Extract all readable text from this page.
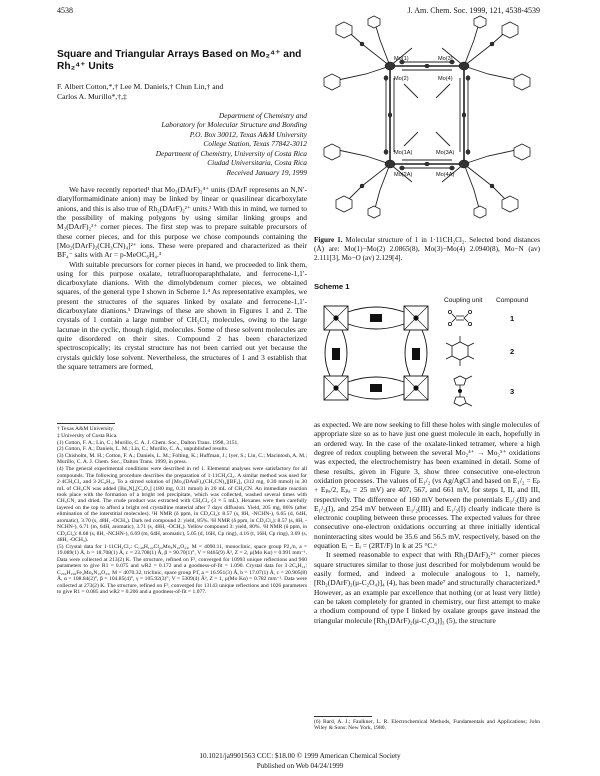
4538	J. Am. Chem. Soc. 1999, 121, 4538-4539
Square and Triangular Arrays Based on Mo₂⁴⁺ and Rh₂⁴⁺ Units
F. Albert Cotton,*,† Lee M. Daniels,† Chun Lin,† and
Carlos A. Murillo*,†,‡
Department of Chemistry and
Laboratory for Molecular Structure and Bonding
P.O. Box 30012, Texas A&M University
College Station, Texas 77842-3012
Department of Chemistry, University of Costa Rica
Ciudad Universitaria, Costa Rica
Received January 19, 1999

We have recently reported¹ that Mo₂(DArF)₂⁴⁺ units (DArF represents an N,N′-diarylformamidinate anion) may be linked by linear or quasilinear dicarboxylate anions, and this is also true of Rh₂(DArF)₂²⁺ units.² With this in mind, we turned to the possibility of making polygons by using similar linking groups and M₂(DArF)₂²⁺ corner pieces. The first step was to prepare suitable precursors of these corner pieces, and for this purpose we chose compounds containing the [Mo₂(DArF)₂(CH₃CN)₄]²⁺ ions. These were prepared and characterized as their BF₄⁻ salts with Ar = p-MeOC₆H₄.³

With suitable precursors for corner pieces in hand, we proceeded to link them, using for this purpose oxalate, tetrafluoroparaphthalate, and ferrocene-1,1′-dicarboxylate dianions. With the dimolybdenum corner pieces, we obtained squares, of the general type I shown in Scheme 1.⁴ As representative examples, we present the structures of the squares linked by oxalate and ferrocene-1,1′-dicarboxylate dianions.⁵ Drawings of these are shown in Figures 1 and 2. The crystals of 1 contain a large number of CH₂Cl₂ molecules, owing to the large lacunae in the cyclic, though rigid, molecules. Some of these solvent molecules are quite disordered on their sites. Compound 2 has been characterized spectroscopically; its crystal structure has not been carried out yet because the crystals quickly lose solvent. Nevertheless, the structures of 1 and 3 establish that the square tetramers are formed,

† Texas A&M University.

‡ University of Costa Rica.

(1) Cotton, F. A.; Lin, C.; Murillo, C. A. J. Chem. Soc., Dalton Trans. 1998, 3151.

(2) Cotton, F. A.; Daniels, L. M.; Lin, C.; Murillo, C. A., unpublished results.

(3) Chisholm, M. H.; Cotton, F. A.; Daniels, L. M.; Folting, K.; Huffman, J.; Iyer, S.; Lin, C.; Macintosh, A. M.; Murillo, C. A. J. Chem. Soc., Dalton Trans. 1999, in press.

(4) The general experimental conditions were described in ref 1. Elemental analyses were satisfactory for all compounds. The following procedure describes the preparation of 1·11CH₂Cl₂. A similar method was used for 2·4CH₂Cl₂ and 3·2C₆H₁₄. To a stirred solution of [Mo₂(DAnF)₂(CH₃CN)₄][BF₄]₂ (312 mg, 0.30 mmol) in 30 mL of CH₃CN was added [Bu₄N]₂[C₂O₄] (180 mg, 0.31 mmol) in 20 mL of CH₃CN. An immediate reaction took place with the formation of a bright red precipitate, which was collected, washed several times with CH₃CN, and dried. The crude product was extracted with CH₂Cl₂ (3 × 5 mL). Hexanes were then carefully layered on the top to afford a bright red crystalline material after 7 days diffusion. Yield, 205 mg, 86% (after elimination of the interstitial molecules). ¹H NMR (δ ppm, in CD₂Cl₂): 8.57 (s, 8H, -NCHN-), 6.65 (d, 64H, aromatic), 3.70 (s, 48H, -OCH₃). Dark red compound 2: yield, 85%. ¹H NMR (δ ppm, in CD₂Cl₂): 8.57 (s, 8H, -NCHN-), 6.71 (m, 64H, aromatic), 3.71 (s, 48H, -OCH₃). Yellow compound 3: yield, 80%. ¹H NMR (δ ppm, in CD₂Cl₂): 8.68 (s, 8H, -NCHN-), 6.69 (m, 64H, aromatic), 5.05 (d, 16H, Cp ring), 4.16 (t, 16H, Cp ring), 3.69 (s, 48H, -OCH₃).

(5) Crystal data for 1·11CH₂Cl₂: C₁₄₈H₁₄₂Cl₂₂Mo₈N₁₆O₂₄, M = 4090.11, monoclinic, space group P2₁/n, a = 19.089(1) Å, b = 18.708(1) Å, c = 23.708(1) Å, β = 90.70(1)°, V = 8465(9) Å³, Z = 2, μ(Mo Kα) = 0.991 mm⁻¹. Data were collected at 213(2) K. The structure, refined on F², converged for 10993 unique reflections and 960 parameters to give R1 = 0.075 and wR2 = 0.172 and a goodness-of-fit = 1.090. Crystal data for 3·2C₆H₁₄: C₂₀₄H₁₉₆Fe₄Mo₈N₁₆O₃₂, M = 4070.32, triclinic, space group P1̄, a = 16.951(3) Å, b = 17.07(1) Å, c = 20.905(8) Å, α = 108.84(2)°, β = 104.85(4)°, γ = 105.92(3)°, V = 5309(4) Å³, Z = 1, μ(Mo Kα) = 0.782 mm⁻¹. Data were collected at 273(2) K. The structure, refined on F², converged for 13143 unique reflections and 1026 parameters to give R1 = 0.085 and wR2 = 0.206 and a goodness-of-fit = 1.077.

Mo(1)
Mo(2)
Mo(3)
Mo(4)
Mo(1A)
Mo(2A)
Mo(3A)
Mo(4A)
Figure 1. Molecular structure of 1 in 1·11CH₂Cl₂. Selected bond distances (Å) are: Mo(1)−Mo(2) 2.0865(8), Mo(3)−Mo(4) 2.0940(8), Mo−N (av) 2.111[3], Mo−O (av) 2.129[4].
Scheme 1
Coupling unit Compound
1
2
3

as expected. We are now seeking to fill these holes with single molecules of appropriate size so as to have just one guest molecule in each, hopefully in an ordered way. In the case of the oxalate-linked tetramer, where a high degree of redox coupling between the several Mo₂⁴⁺ → Mo₂⁵⁺ oxidations was expected, the electrochemistry has been examined in detail. Some of these results, given in Figure 3, show three consecutive one-electron oxidation processes. The values of E₁/₂ (vs Ag/AgCl and based on E₁/₂ = Eₚ + Eₚₐ/2, Eₚₐ = 25 mV) are 407, 567, and 661 mV, for steps I, II, and III, respectively. The difference of 160 mV between the potentials E₁/₂(II) and E₁/₂(I), and 254 mV between E₁/₂(III) and E₁/₂(I) clearly indicate there is electronic coupling between these processes. The expected values for three consecutive one-electron oxidations occurring at three initially identical noninteracting sites would be 35.6 and 56.5 mV, respectively, based on the equation Eᵢ − Eᵢ = (2RT/F) ln k at 25 °C.⁶

It seemed reasonable to expect that with Rh₂(DArF)₂²⁺ corner pieces square structures similar to those just described for molybdenum would be easily formed, and indeed a molecule analogous to 1, namely, [Rh₂(DArF)₂(μ-C₂O₄)]₄ (4), has been made⁷ and structurally characterized.⁸ However, as an example par excellence that nothing (or at least very little) can be taken completely for granted in chemistry, our first attempt to make a rhodium compound of type I linked by oxalate groups gave instead the triangular molecule [Rh₂(DArF)₂(μ-C₂O₄)]₃ (5), the structure

(6) Bard, A. J.; Faulkner, L. R. Electrochemical Methods, Fundamentals and Applications; John Wiley & Sons: New York, 1980.
10.1021/ja9901563 CCC: $18.00 © 1999 American Chemical Society
Published on Web 04/24/1999
